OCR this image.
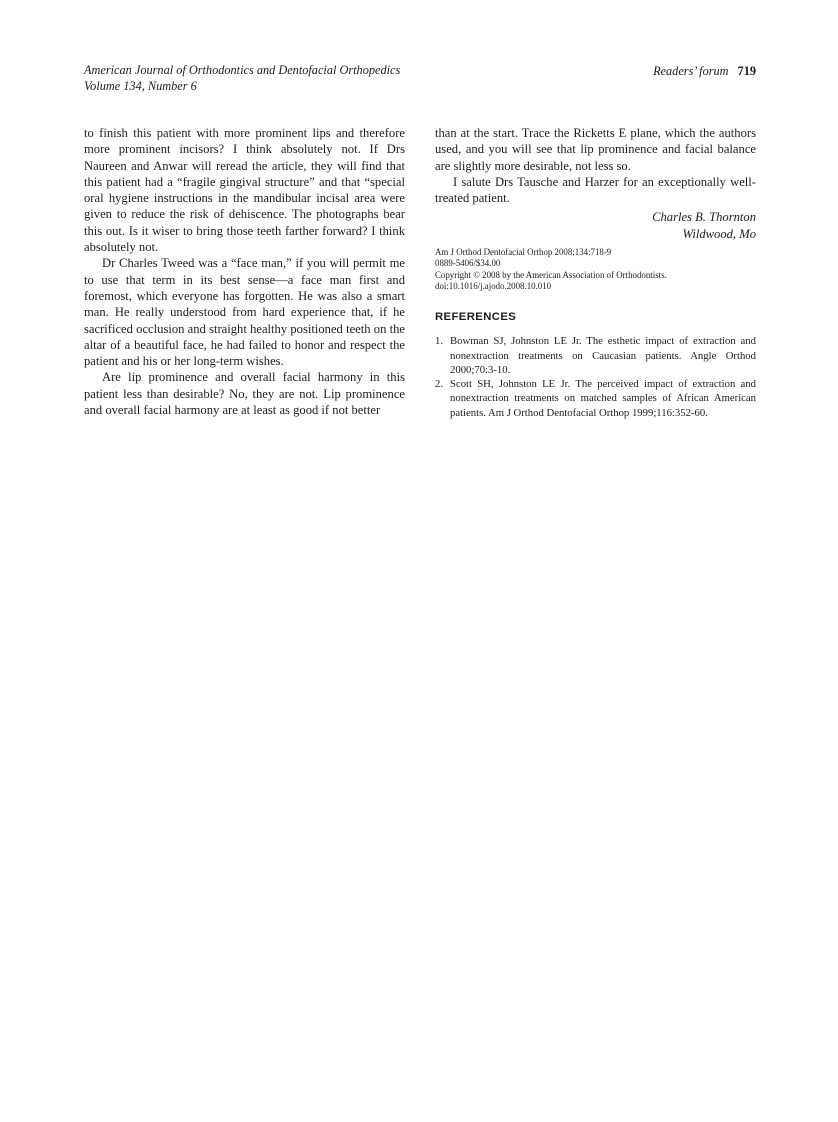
American Journal of Orthodontics and Dentofacial Orthopedics
Volume 134, Number 6
Readers’ forum 719

to finish this patient with more prominent lips and therefore more prominent incisors? I think absolutely not. If Drs Naureen and Anwar will reread the article, they will find that this patient had a “fragile gingival structure” and that “special oral hygiene instructions in the mandibular incisal area were given to reduce the risk of dehiscence. The photographs bear this out. Is it wiser to bring those teeth farther forward? I think absolutely not.

Dr Charles Tweed was a “face man,” if you will permit me to use that term in its best sense—a face man first and foremost, which everyone has forgotten. He was also a smart man. He really understood from hard experience that, if he sacrificed occlusion and straight healthy positioned teeth on the altar of a beautiful face, he had failed to honor and respect the patient and his or her long-term wishes.

Are lip prominence and overall facial harmony in this patient less than desirable? No, they are not. Lip prominence and overall facial harmony are at least as good if not better

than at the start. Trace the Ricketts E plane, which the authors used, and you will see that lip prominence and facial balance are slightly more desirable, not less so.

I salute Drs Tausche and Harzer for an exceptionally well-treated patient.

Charles B. Thornton
Wildwood, Mo
Am J Orthod Dentofacial Orthop 2008;134:718-9
0889-5406/$34.00
Copyright © 2008 by the American Association of Orthodontists.
doi:10.1016/j.ajodo.2008.10.010
REFERENCES
1. Bowman SJ, Johnston LE Jr. The esthetic impact of extraction and nonextraction treatments on Caucasian patients. Angle Orthod 2000;70:3-10.
2. Scott SH, Johnston LE Jr. The perceived impact of extraction and nonextraction treatments on matched samples of African American patients. Am J Orthod Dentofacial Orthop 1999;116:352-60.
